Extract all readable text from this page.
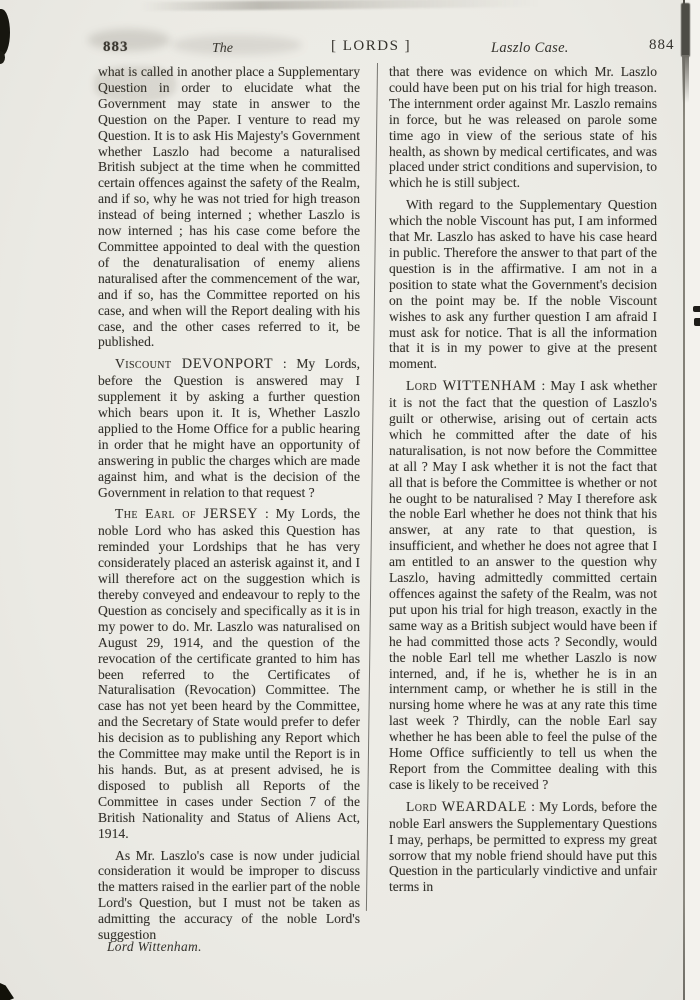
883	The	[ LORDS ]	Laszlo Case.	884

what is called in another place a Supplementary Question in order to elucidate what the Government may state in answer to the Question on the Paper. I venture to read my Question. It is to ask His Majesty's Government whether Laszlo had become a naturalised British subject at the time when he committed certain offences against the safety of the Realm, and if so, why he was not tried for high treason instead of being interned ; whether Laszlo is now interned ; has his case come before the Committee appointed to deal with the question of the denaturalisation of enemy aliens naturalised after the commencement of the war, and if so, has the Committee reported on his case, and when will the Report dealing with his case, and the other cases referred to it, be published.

Viscount DEVONPORT : My Lords, before the Question is answered may I supplement it by asking a further question which bears upon it. It is, Whether Laszlo applied to the Home Office for a public hearing in order that he might have an opportunity of answering in public the charges which are made against him, and what is the decision of the Government in relation to that request ?

The Earl of JERSEY : My Lords, the noble Lord who has asked this Question has reminded your Lordships that he has very considerately placed an asterisk against it, and I will therefore act on the suggestion which is thereby conveyed and endeavour to reply to the Question as concisely and specifically as it is in my power to do. Mr. Laszlo was naturalised on August 29, 1914, and the question of the revocation of the certificate granted to him has been referred to the Certificates of Naturalisation (Revocation) Committee. The case has not yet been heard by the Committee, and the Secretary of State would prefer to defer his decision as to publishing any Report which the Committee may make until the Report is in his hands. But, as at present advised, he is disposed to publish all Reports of the Committee in cases under Section 7 of the British Nationality and Status of Aliens Act, 1914.

As Mr. Laszlo's case is now under judicial consideration it would be improper to discuss the matters raised in the earlier part of the noble Lord's Question, but I must not be taken as admitting the accuracy of the noble Lord's suggestion

that there was evidence on which Mr. Laszlo could have been put on his trial for high treason. The internment order against Mr. Laszlo remains in force, but he was released on parole some time ago in view of the serious state of his health, as shown by medical certificates, and was placed under strict conditions and supervision, to which he is still subject.

With regard to the Supplementary Question which the noble Viscount has put, I am informed that Mr. Laszlo has asked to have his case heard in public. Therefore the answer to that part of the question is in the affirmative. I am not in a position to state what the Government's decision on the point may be. If the noble Viscount wishes to ask any further question I am afraid I must ask for notice. That is all the information that it is in my power to give at the present moment.

Lord WITTENHAM : May I ask whether it is not the fact that the question of Laszlo's guilt or otherwise, arising out of certain acts which he committed after the date of his naturalisation, is not now before the Committee at all ? May I ask whether it is not the fact that all that is before the Committee is whether or not he ought to be naturalised ? May I therefore ask the noble Earl whether he does not think that his answer, at any rate to that question, is insufficient, and whether he does not agree that I am entitled to an answer to the question why Laszlo, having admittedly committed certain offences against the safety of the Realm, was not put upon his trial for high treason, exactly in the same way as a British subject would have been if he had committed those acts ? Secondly, would the noble Earl tell me whether Laszlo is now interned, and, if he is, whether he is in an internment camp, or whether he is still in the nursing home where he was at any rate this time last week ? Thirdly, can the noble Earl say whether he has been able to feel the pulse of the Home Office sufficiently to tell us when the Report from the Committee dealing with this case is likely to be received ?

Lord WEARDALE : My Lords, before the noble Earl answers the Supplementary Questions I may, perhaps, be permitted to express my great sorrow that my noble friend should have put this Question in the particularly vindictive and unfair terms in

Lord Wittenham.
